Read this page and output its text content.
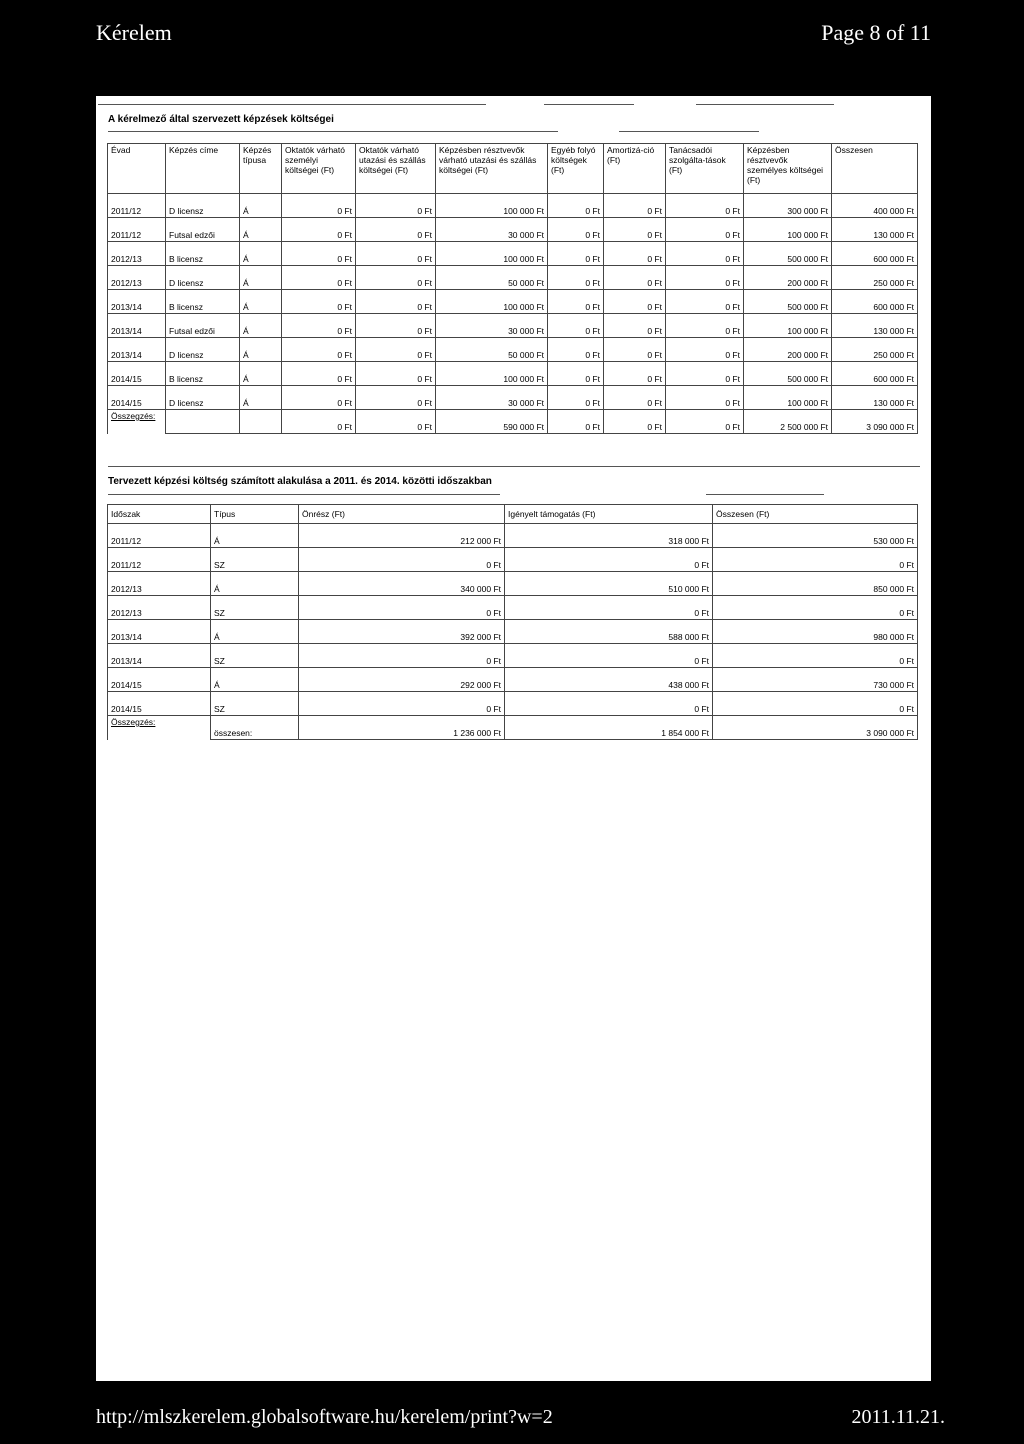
Kérelem	Page 8 of 11
A kérelmező által szervezett képzések költségei
Évad	Képzés címe	Képzés típusa	Oktatók várható személyi költségei (Ft)	Oktatók várható utazási és szállás költségei (Ft)	Képzésben résztvevők várható utazási és szállás költségei (Ft)	Egyéb folyó költségek (Ft)	Amortizá-ció (Ft)	Tanácsadói szolgálta-tások (Ft)	Képzésben résztvevők személyes költségei (Ft)	Összesen
2011/12	D licensz	Á	0 Ft	0 Ft	100 000 Ft	0 Ft	0 Ft	0 Ft	300 000 Ft	400 000 Ft
2011/12	Futsal edzői	Á	0 Ft	0 Ft	30 000 Ft	0 Ft	0 Ft	0 Ft	100 000 Ft	130 000 Ft
2012/13	B licensz	Á	0 Ft	0 Ft	100 000 Ft	0 Ft	0 Ft	0 Ft	500 000 Ft	600 000 Ft
2012/13	D licensz	Á	0 Ft	0 Ft	50 000 Ft	0 Ft	0 Ft	0 Ft	200 000 Ft	250 000 Ft
2013/14	B licensz	Á	0 Ft	0 Ft	100 000 Ft	0 Ft	0 Ft	0 Ft	500 000 Ft	600 000 Ft
2013/14	Futsal edzői	Á	0 Ft	0 Ft	30 000 Ft	0 Ft	0 Ft	0 Ft	100 000 Ft	130 000 Ft
2013/14	D licensz	Á	0 Ft	0 Ft	50 000 Ft	0 Ft	0 Ft	0 Ft	200 000 Ft	250 000 Ft
2014/15	B licensz	Á	0 Ft	0 Ft	100 000 Ft	0 Ft	0 Ft	0 Ft	500 000 Ft	600 000 Ft
2014/15	D licensz	Á	0 Ft	0 Ft	30 000 Ft	0 Ft	0 Ft	0 Ft	100 000 Ft	130 000 Ft
Összegzés:			0 Ft	0 Ft	590 000 Ft	0 Ft	0 Ft	0 Ft	2 500 000 Ft	3 090 000 Ft
Tervezett képzési költség számított alakulása a 2011. és 2014. közötti időszakban
Időszak	Típus	Önrész (Ft)	Igényelt támogatás (Ft)	Összesen (Ft)
2011/12	Á	212 000 Ft	318 000 Ft	530 000 Ft
2011/12	SZ	0 Ft	0 Ft	0 Ft
2012/13	Á	340 000 Ft	510 000 Ft	850 000 Ft
2012/13	SZ	0 Ft	0 Ft	0 Ft
2013/14	Á	392 000 Ft	588 000 Ft	980 000 Ft
2013/14	SZ	0 Ft	0 Ft	0 Ft
2014/15	Á	292 000 Ft	438 000 Ft	730 000 Ft
2014/15	SZ	0 Ft	0 Ft	0 Ft
Összegzés:	összesen:	1 236 000 Ft	1 854 000 Ft	3 090 000 Ft
http://mlszkerelem.globalsoftware.hu/kerelem/print?w=2	2011.11.21.
